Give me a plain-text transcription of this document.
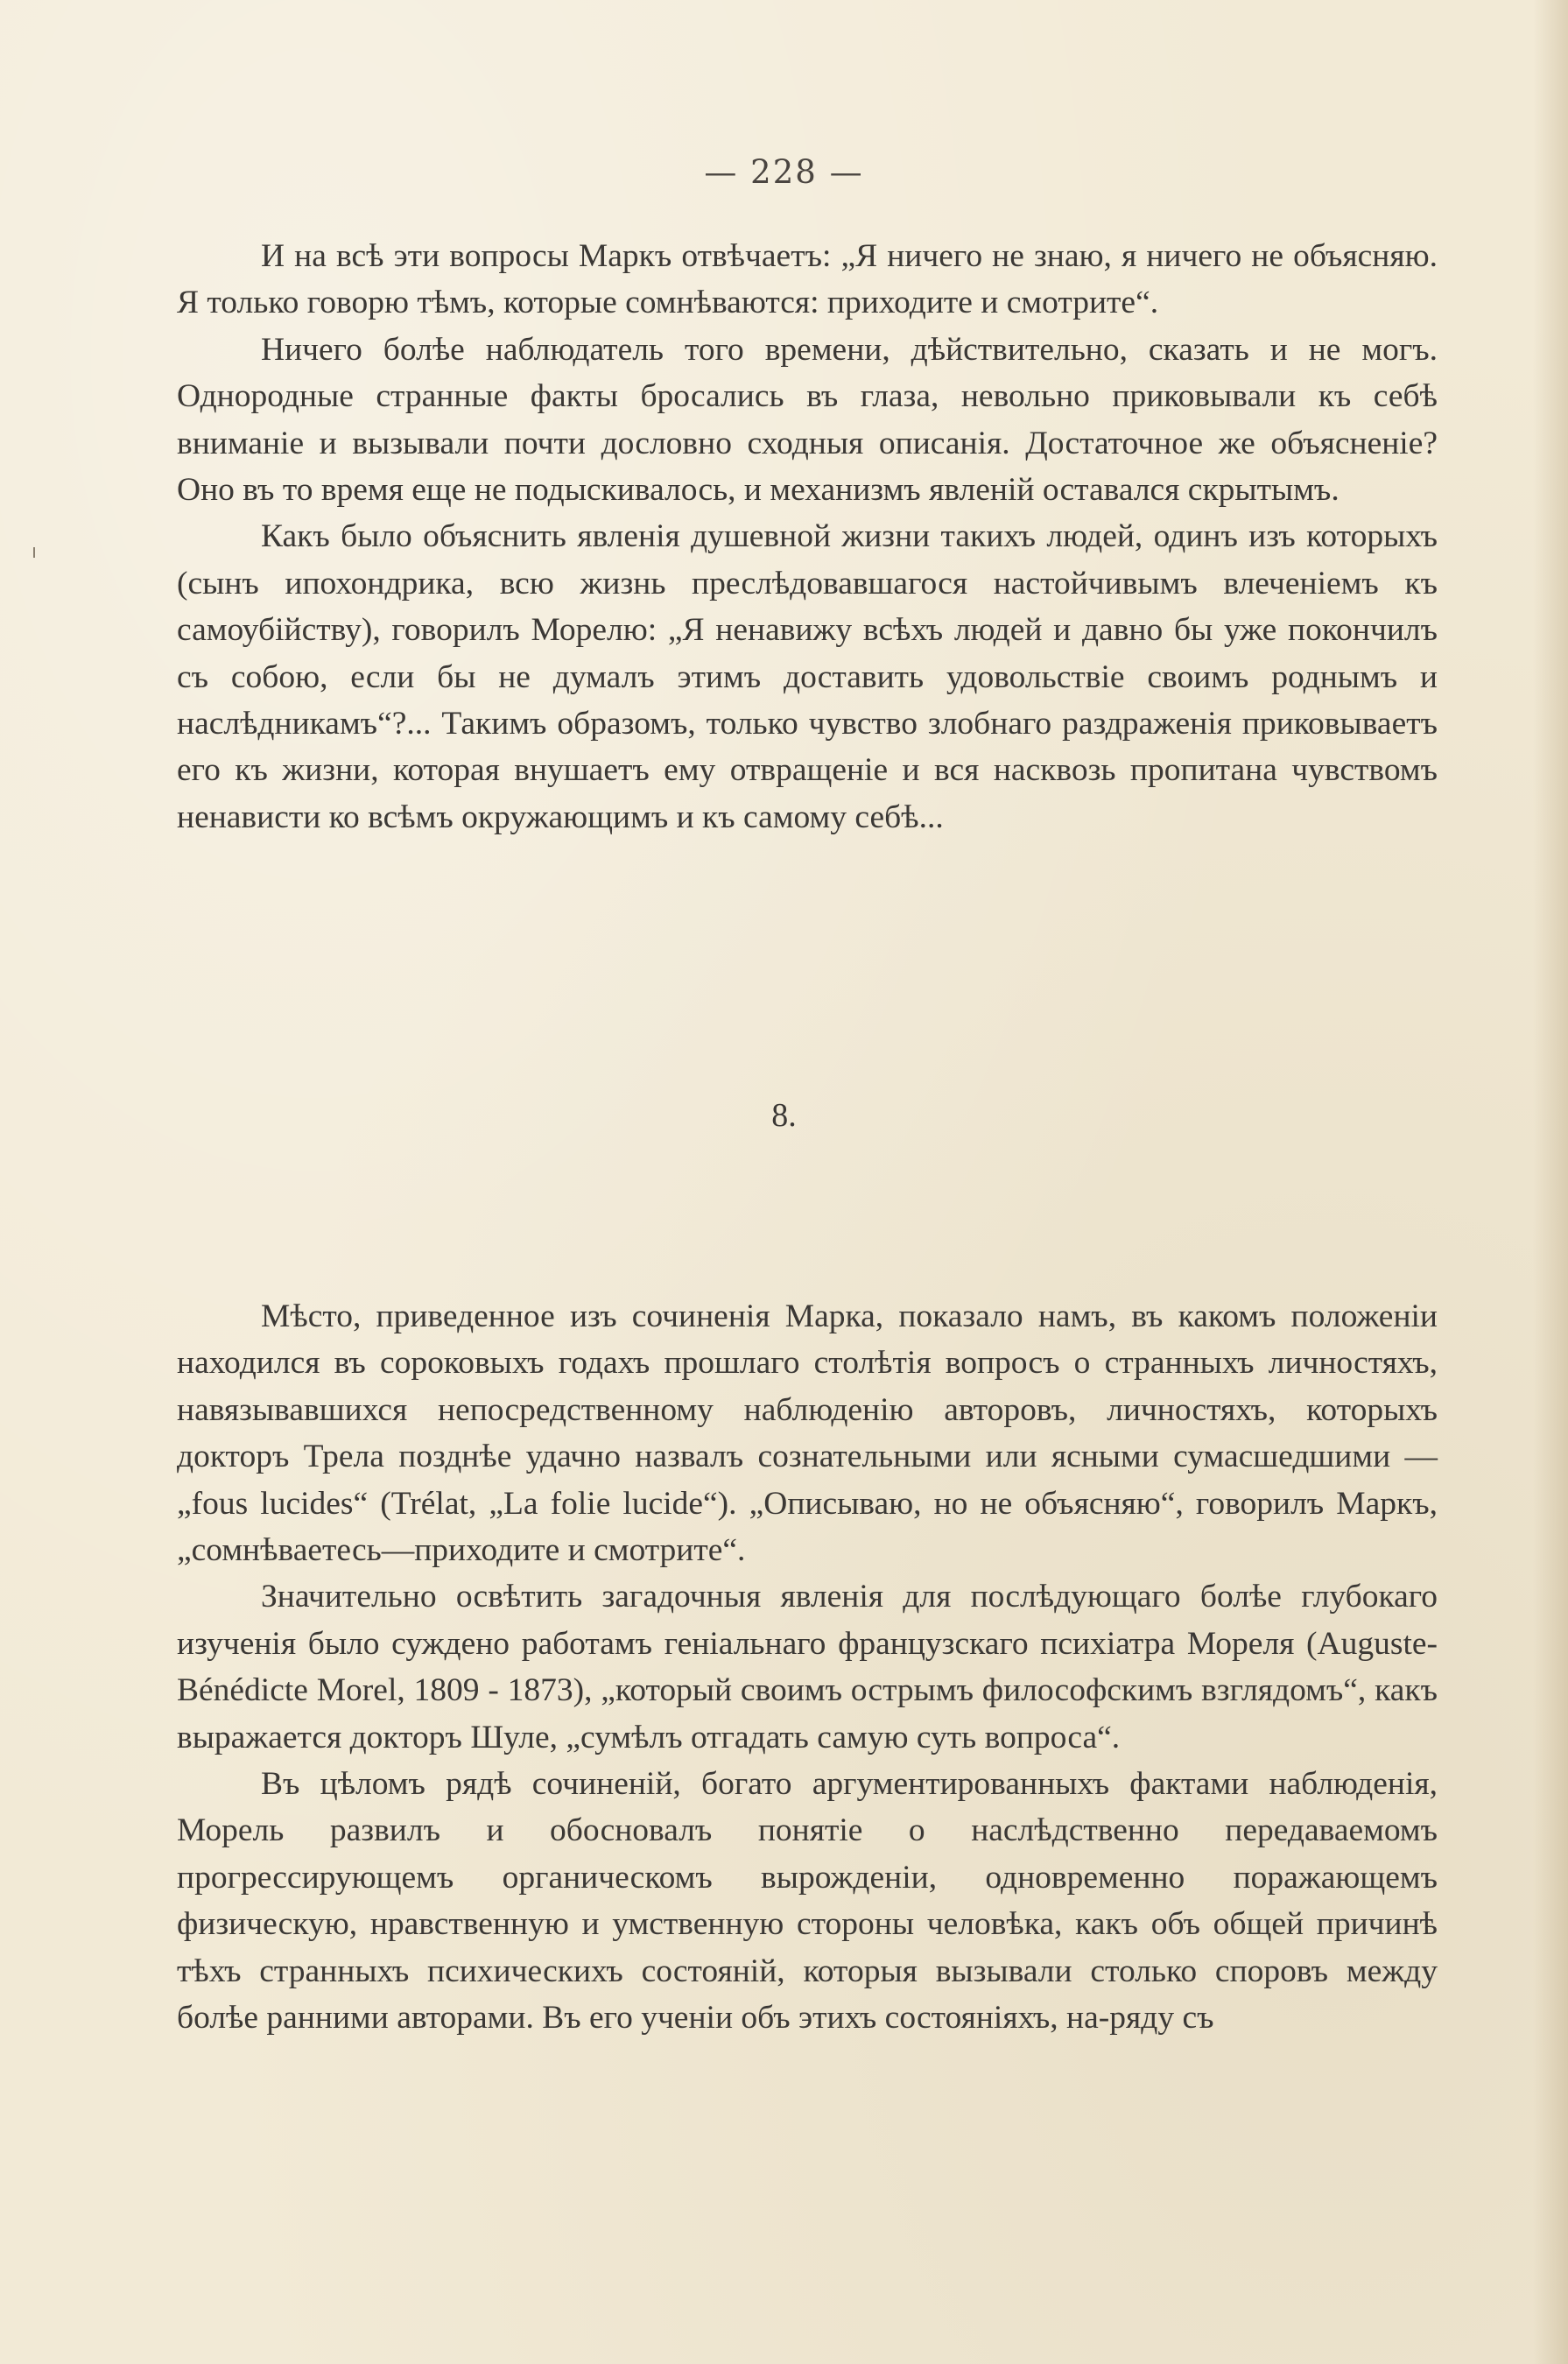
— 228 —

И на всѣ эти вопросы Маркъ отвѣчаетъ: „Я ничего не знаю, я ничего не объясняю. Я только говорю тѣмъ, которые сомнѣваются: приходите и смотрите“.

Ничего болѣе наблюдатель того времени, дѣйствительно, сказать и не могъ. Однородные странные факты бросались въ глаза, невольно приковывали къ себѣ вниманіе и вызывали почти дословно сходныя описанія. Достаточное же объясненіе? Оно въ то время еще не подыскивалось, и механизмъ явленій оставался скрытымъ.

Какъ было объяснить явленія душевной жизни такихъ людей, одинъ изъ которыхъ (сынъ ипохондрика, всю жизнь преслѣдовавшагося настойчивымъ влеченіемъ къ самоубійству), говорилъ Морелю: „Я ненавижу всѣхъ людей и давно бы уже покончилъ съ собою, если бы не думалъ этимъ доставить удовольствіе своимъ роднымъ и наслѣдникамъ“?... Такимъ образомъ, только чувство злобнаго раздраженія приковываетъ его къ жизни, которая внушаетъ ему отвращеніе и вся насквозь пропитана чувствомъ ненависти ко всѣмъ окружающимъ и къ самому себѣ...

8.

Мѣсто, приведенное изъ сочиненія Марка, показало намъ, въ какомъ положеніи находился въ сороковыхъ годахъ прошлаго столѣтія вопросъ о странныхъ личностяхъ, навязывавшихся непосредственному наблюденію авторовъ, личностяхъ, которыхъ докторъ Трела позднѣе удачно назвалъ сознательными или ясными сумасшедшими — „fous lucides“ (Trélat, „La folie lucide“). „Описываю, но не объясняю“, говорилъ Маркъ, „сомнѣваетесь—приходите и смотрите“.

Значительно освѣтить загадочныя явленія для послѣдующаго болѣе глубокаго изученія было суждено работамъ геніальнаго французскаго психіатра Мореля (Auguste-Bénédicte Morel, 1809 - 1873), „который своимъ острымъ философскимъ взглядомъ“, какъ выражается докторъ Шуле, „сумѣлъ отгадать самую суть вопроса“.

Въ цѣломъ рядѣ сочиненій, богато аргументированныхъ фактами наблюденія, Морель развилъ и обосновалъ понятіе о наслѣдственно передаваемомъ прогрессирующемъ органическомъ вырожденіи, одновременно поражающемъ физическую, нравственную и умственную стороны человѣка, какъ объ общей причинѣ тѣхъ странныхъ психическихъ состояній, которыя вызывали столько споровъ между болѣе ранними авторами. Въ его ученіи объ этихъ состояніяхъ, на-ряду съ
